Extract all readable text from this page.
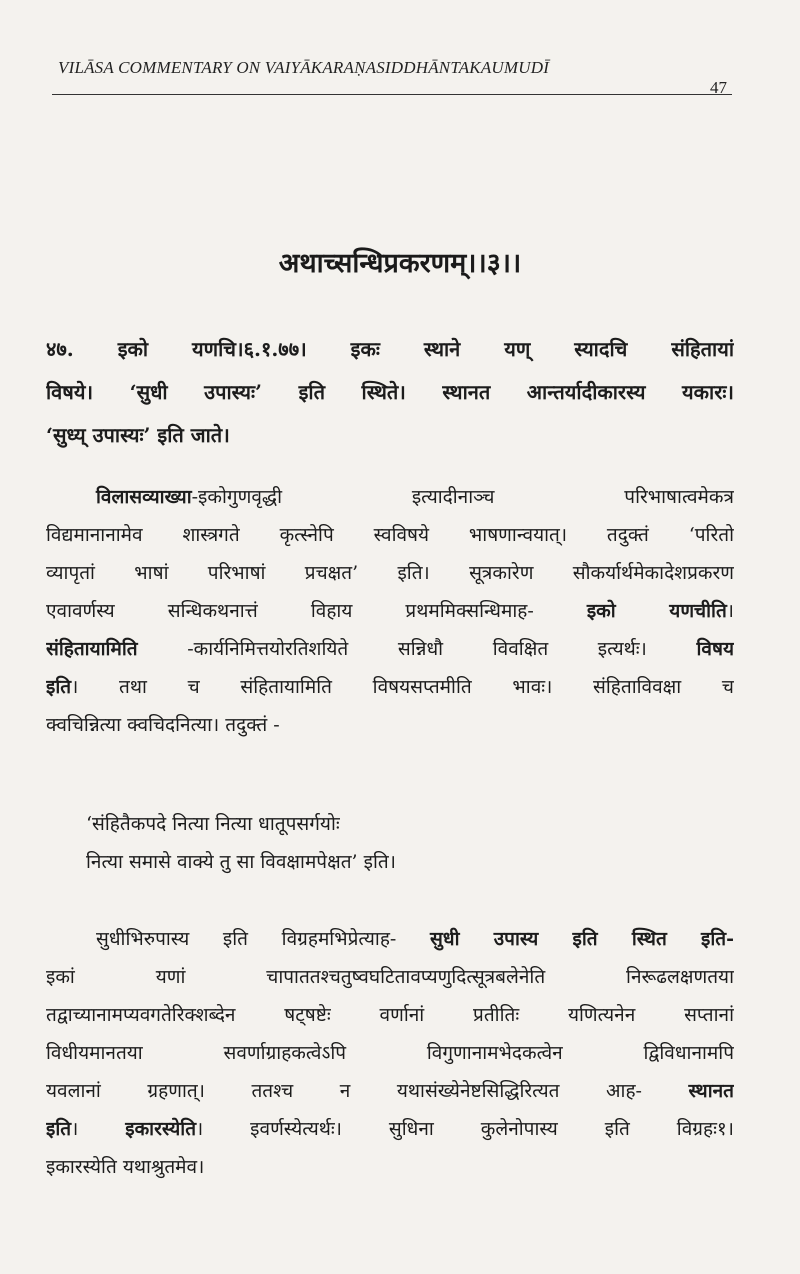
VILĀSA COMMENTARY ON VAIYĀKARAṆASIDDHĀNTAKAUMUDĪ
47
अथाच्सन्धिप्रकरणम्।।३।।
४७. इको यणचि।६.१.७७। इकः स्थाने यण् स्यादचि संहितायां
विषये। ‘सुधी उपास्यः’ इति स्थिते। स्थानत आन्तर्यादीकारस्य यकारः।
‘सुध्य् उपास्यः’ इति जाते।
विलासव्याख्या-इकोगुणवृद्धी इत्यादीनाञ्च परिभाषात्वमेकत्र
विद्यमानानामेव शास्त्रगते कृत्स्नेपि स्वविषये भाषणान्वयात्। तदुक्तं ‘परितो
व्यापृतां भाषां परिभाषां प्रचक्षत’ इति। सूत्रकारेण सौकर्यार्थमेकादेशप्रकरण
एवावर्णस्य सन्धिकथनात्तं विहाय प्रथममिक्सन्धिमाह-	इको यणचीति।
संहितायामिति	-कार्यनिमित्तयोरतिशयिते सन्निधौ विवक्षित इत्यर्थः।	विषय
इति। तथा च संहितायामिति विषयसप्तमीति भावः। संहिताविवक्षा च
क्वचिन्नित्या क्वचिदनित्या। तदुक्तं -
‘संहितैकपदे नित्या नित्या धातूपसर्गयोः
नित्या समासे वाक्ये तु सा विवक्षामपेक्षत’ इति।
सुधीभिरुपास्य इति विग्रहमभिप्रेत्याह- सुधी उपास्य इति स्थित इति-
इकां यणां चापाततश्चतुष्वघटितावप्यणुदित्सूत्रबलेनेति निरूढलक्षणतया
तद्वाच्यानामप्यवगतेरिक्शब्देन षट्षष्टेः वर्णानां प्रतीतिः यणित्यनेन सप्तानां
विधीयमानतया सवर्णाग्राहकत्वेऽपि विगुणानामभेदकत्वेन द्विविधानामपि
यवलानां ग्रहणात्। ततश्च न यथासंख्येनेष्टसिद्धिरित्यत आह- स्थानत
इति। इकारस्येति। इवर्णस्येत्यर्थः। सुधिना कुलेनोपास्य इति विग्रहः१।
इकारस्येति यथाश्रुतमेव।
